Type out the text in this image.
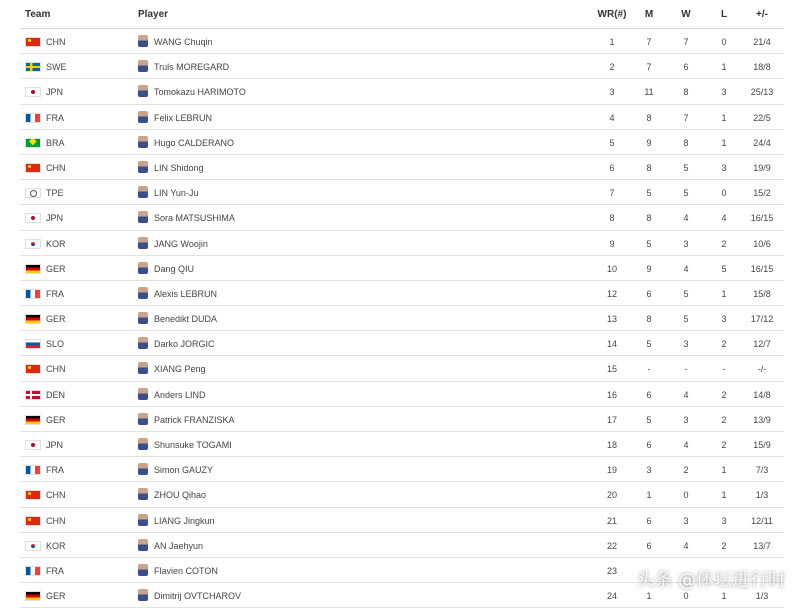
Team	Player	WR(#)	M	W	L	+/-
CHN	WANG Chuqin	1	7	7	0	21/4
SWE	Truls MOREGARD	2	7	6	1	18/8
JPN	Tomokazu HARIMOTO	3	11	8	3	25/13
FRA	Felix LEBRUN	4	8	7	1	22/5
◆
BRA	Hugo CALDERANO	5	9	8	1	24/4
CHN	LIN Shidong	6	8	5	3	19/9
TPE	LIN Yun-Ju	7	5	5	0	15/2
JPN	Sora MATSUSHIMA	8	8	4	4	16/15
KOR	JANG Woojin	9	5	3	2	10/6
GER	Dang QIU	10	9	4	5	16/15
FRA	Alexis LEBRUN	12	6	5	1	15/8
GER	Benedikt DUDA	13	8	5	3	17/12
SLO	Darko JORGIC	14	5	3	2	12/7
CHN	XIANG Peng	15	-	-	-	-/-
DEN	Anders LIND	16	6	4	2	14/8
GER	Patrick FRANZISKA	17	5	3	2	13/9
JPN	Shunsuke TOGAMI	18	6	4	2	15/9
FRA	Simon GAUZY	19	3	2	1	7/3
CHN	ZHOU Qihao	20	1	0	1	1/3
CHN	LIANG Jingkun	21	6	3	3	12/11
KOR	AN Jaehyun	22	6	4	2	13/7
FRA	Flavien COTON	23
GER	Dimitrij OVTCHAROV	24	1	0	1	1/3
头条 @体坛进行时
